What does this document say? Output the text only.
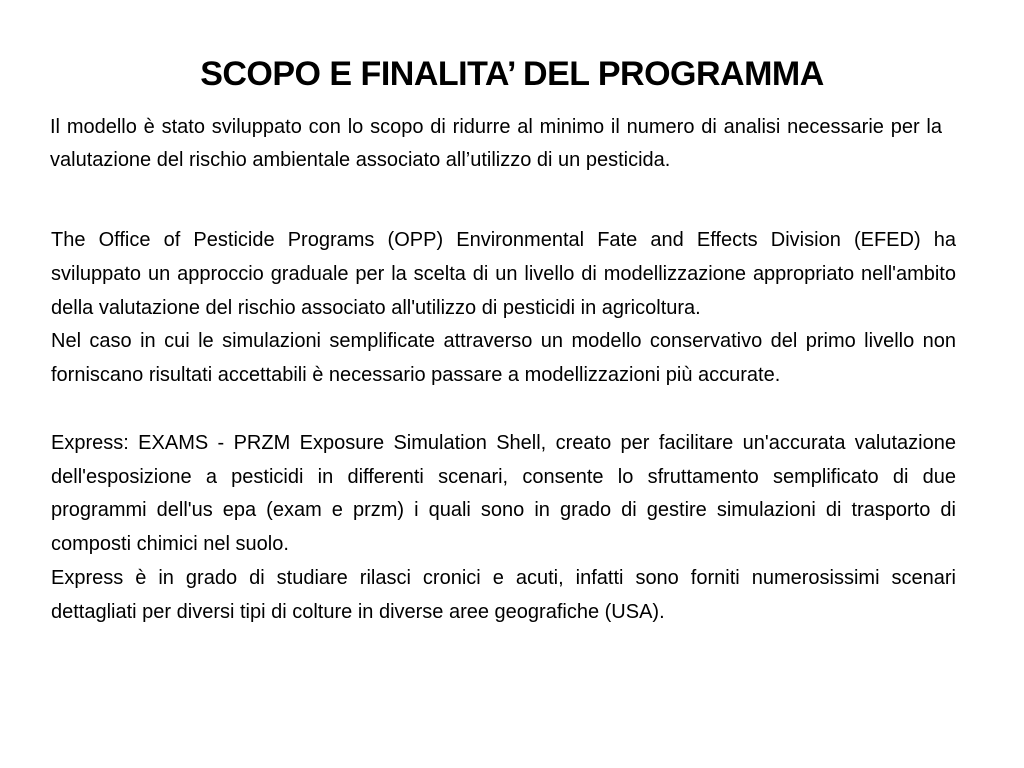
SCOPO E FINALITA’ DEL PROGRAMMA

Il modello è stato sviluppato con lo scopo di ridurre al minimo il numero di analisi necessarie per la valutazione del rischio ambientale associato all’utilizzo di un pesticida.

The Office of Pesticide Programs (OPP) Environmental Fate and Effects Division (EFED) ha sviluppato un approccio graduale per la scelta di un livello di modellizzazione appropriato nell'ambito della valutazione del rischio associato all'utilizzo di pesticidi in agricoltura.

Nel caso in cui le simulazioni semplificate attraverso un modello conservativo del primo livello non forniscano risultati accettabili è necessario passare a modellizzazioni più accurate.

Express: EXAMS - PRZM Exposure Simulation Shell, creato per facilitare un'accurata valutazione dell'esposizione a pesticidi in differenti scenari, consente lo sfruttamento semplificato di due programmi dell'us epa (exam e przm) i quali sono in grado di gestire simulazioni di trasporto di composti chimici nel suolo.

Express è in grado di studiare rilasci cronici e acuti, infatti sono forniti numerosissimi scenari dettagliati per diversi tipi di colture in diverse aree geografiche (USA).
